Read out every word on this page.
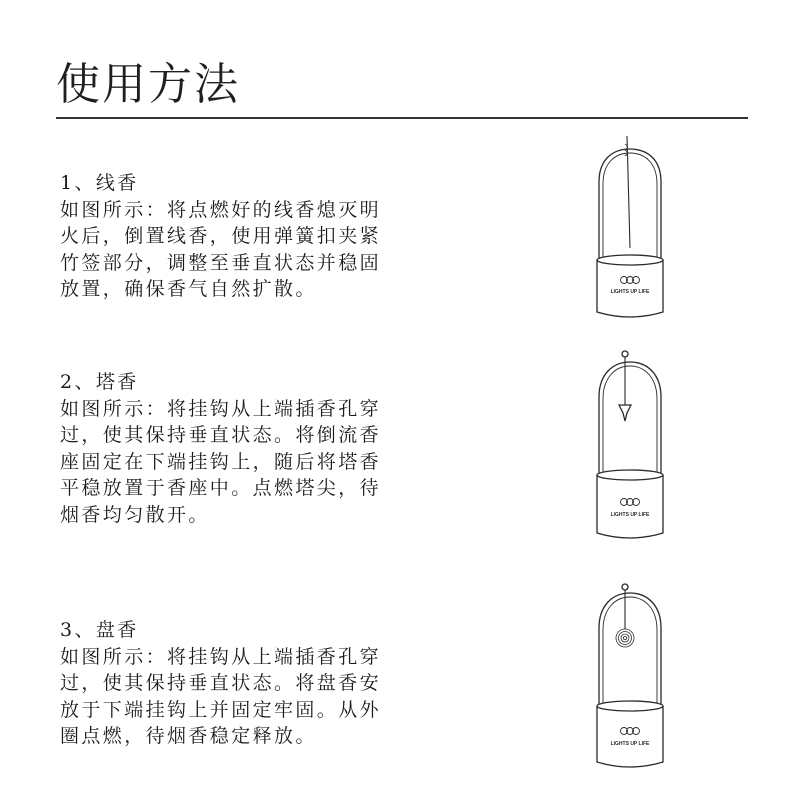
使用方法
1、线香

如图所示：将点燃好的线香熄灭明

火后，倒置线香，使用弹簧扣夹紧

竹签部分，调整至垂直状态并稳固

放置，确保香气自然扩散。

2、塔香

如图所示：将挂钩从上端插香孔穿

过，使其保持垂直状态。将倒流香

座固定在下端挂钩上，随后将塔香

平稳放置于香座中。点燃塔尖，待

烟香均匀散开。

3、盘香

如图所示：将挂钩从上端插香孔穿

过，使其保持垂直状态。将盘香安

放于下端挂钩上并固定牢固。从外

圈点燃，待烟香稳定释放。

LIGHTS UP LIFE
LIGHTS UP LIFE
LIGHTS UP LIFE
